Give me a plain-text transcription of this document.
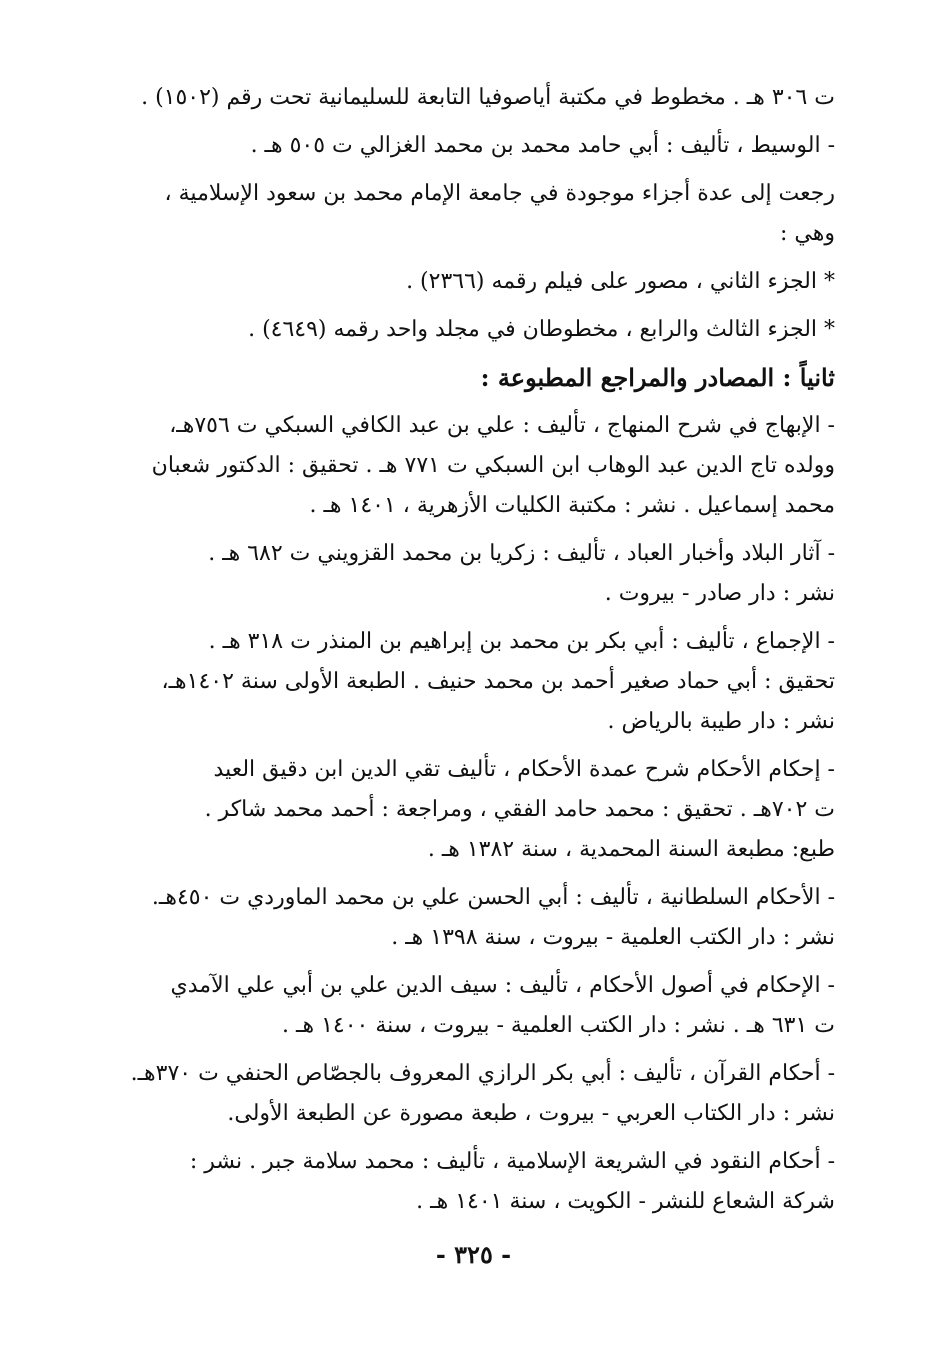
ت ٣٠٦ هـ . مخطوط في مكتبة أياصوفيا التابعة للسليمانية تحت رقم (١٥٠٢) .

- الوسيط ، تأليف : أبي حامد محمد بن محمد الغزالي ت ٥٠٥ هـ .

رجعت إلى عدة أجزاء موجودة في جامعة الإمام محمد بن سعود الإسلامية ،
وهي :

* الجزء الثاني ، مصور على فيلم رقمه (٢٣٦٦) .

* الجزء الثالث والرابع ، مخطوطان في مجلد واحد رقمه (٤٦٤٩) .

ثانياً : المصادر والمراجع المطبوعة :

- الإبهاج في شرح المنهاج ، تأليف : علي بن عبد الكافي السبكي ت ٧٥٦هـ،
وولده تاج الدين عبد الوهاب ابن السبكي ت ٧٧١ هـ . تحقيق : الدكتور شعبان
محمد إسماعيل . نشر : مكتبة الكليات الأزهرية ، ١٤٠١ هـ .

- آثار البلاد وأخبار العباد ، تأليف : زكريا بن محمد القزويني ت ٦٨٢ هـ .
نشر : دار صادر - بيروت .

- الإجماع ، تأليف : أبي بكر بن محمد بن إبراهيم بن المنذر ت ٣١٨ هـ .
تحقيق : أبي حماد صغير أحمد بن محمد حنيف . الطبعة الأولى سنة ١٤٠٢هـ،
نشر : دار طيبة بالرياض .

- إحكام الأحكام شرح عمدة الأحكام ، تأليف تقي الدين ابن دقيق العيد
ت ٧٠٢هـ . تحقيق : محمد حامد الفقي ، ومراجعة : أحمد محمد شاكر .
طبع: مطبعة السنة المحمدية ، سنة ١٣٨٢ هـ .

- الأحكام السلطانية ، تأليف : أبي الحسن علي بن محمد الماوردي ت ٤٥٠هـ.
نشر : دار الكتب العلمية - بيروت ، سنة ١٣٩٨ هـ .

- الإحكام في أصول الأحكام ، تأليف : سيف الدين علي بن أبي علي الآمدي
ت ٦٣١ هـ . نشر : دار الكتب العلمية - بيروت ، سنة ١٤٠٠ هـ .

- أحكام القرآن ، تأليف : أبي بكر الرازي المعروف بالجصّاص الحنفي ت ٣٧٠هـ.
نشر : دار الكتاب العربي - بيروت ، طبعة مصورة عن الطبعة الأولى.

- أحكام النقود في الشريعة الإسلامية ، تأليف : محمد سلامة جبر . نشر :
شركة الشعاع للنشر - الكويت ، سنة ١٤٠١ هـ .

- ٣٢٥ -
